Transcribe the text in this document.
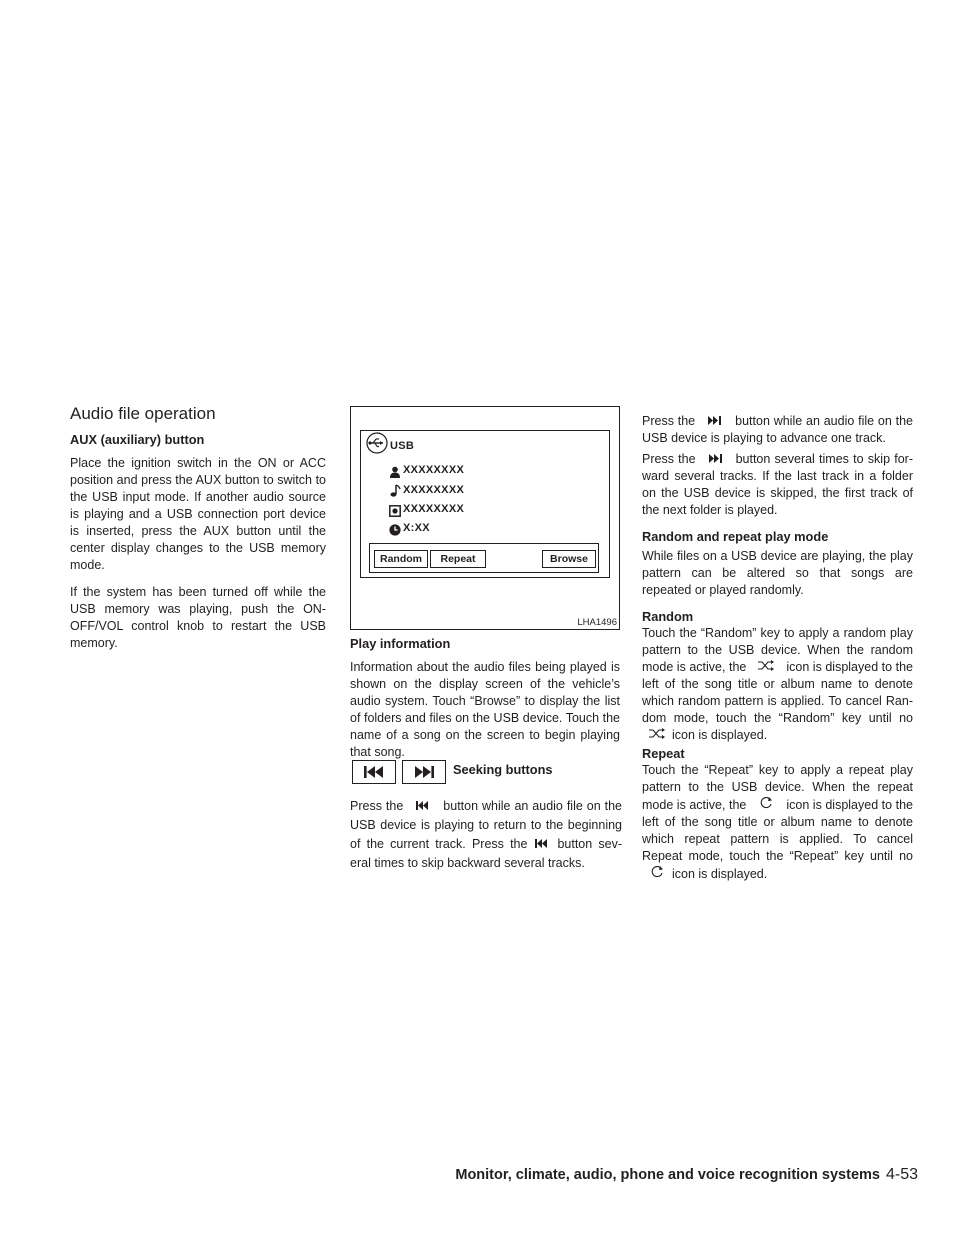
Audio file operation
AUX (auxiliary) button

Place the ignition switch in the ON or ACC position and press the AUX button to switch to the USB input mode. If another audio source is playing and a USB connection port device is inserted, press the AUX button until the center display changes to the USB memory mode.

If the system has been turned off while the USB memory was playing, push the ON-OFF/VOL control knob to restart the USB memory.

LHA1496
USB
XXXXXXXX
XXXXXXXX
XXXXXXXX
X:XX
Random	Repeat	Browse
Play information

Information about the audio files being played is shown on the display screen of the vehicle’s audio system. Touch “Browse” to display the list of folders and files on the USB device. Touch the name of a song on the screen to begin playing that song.

Seeking buttons

Press the	button while an audio file on the USB device is playing to return to the beginning of the current track. Press the button sev-eral times to skip backward several tracks.

Press the	button while an audio file on the USB device is playing to advance one track.

Press the	button several times to skip for-ward several tracks. If the last track in a folder on the USB device is skipped, the first track of the next folder is played.

Random and repeat play mode

While files on a USB device are playing, the play pattern can be altered so that songs are repeated or played randomly.

Random

Touch the “Random” key to apply a random play pattern to the USB device. When the random mode is active, the	icon is displayed to the left of the song title or album name to denote which random pattern is applied. To cancel Ran-dom mode, touch the “Random” key until noicon is displayed.

Repeat

Touch the “Repeat” key to apply a repeat play pattern to the USB device. When the repeat mode is active, the	icon is displayed to the left of the song title or album name to denote which repeat pattern is applied. To cancel Repeat mode, touch the “Repeat” key until noicon is displayed.

Monitor, climate, audio, phone and voice recognition systems 4-53
